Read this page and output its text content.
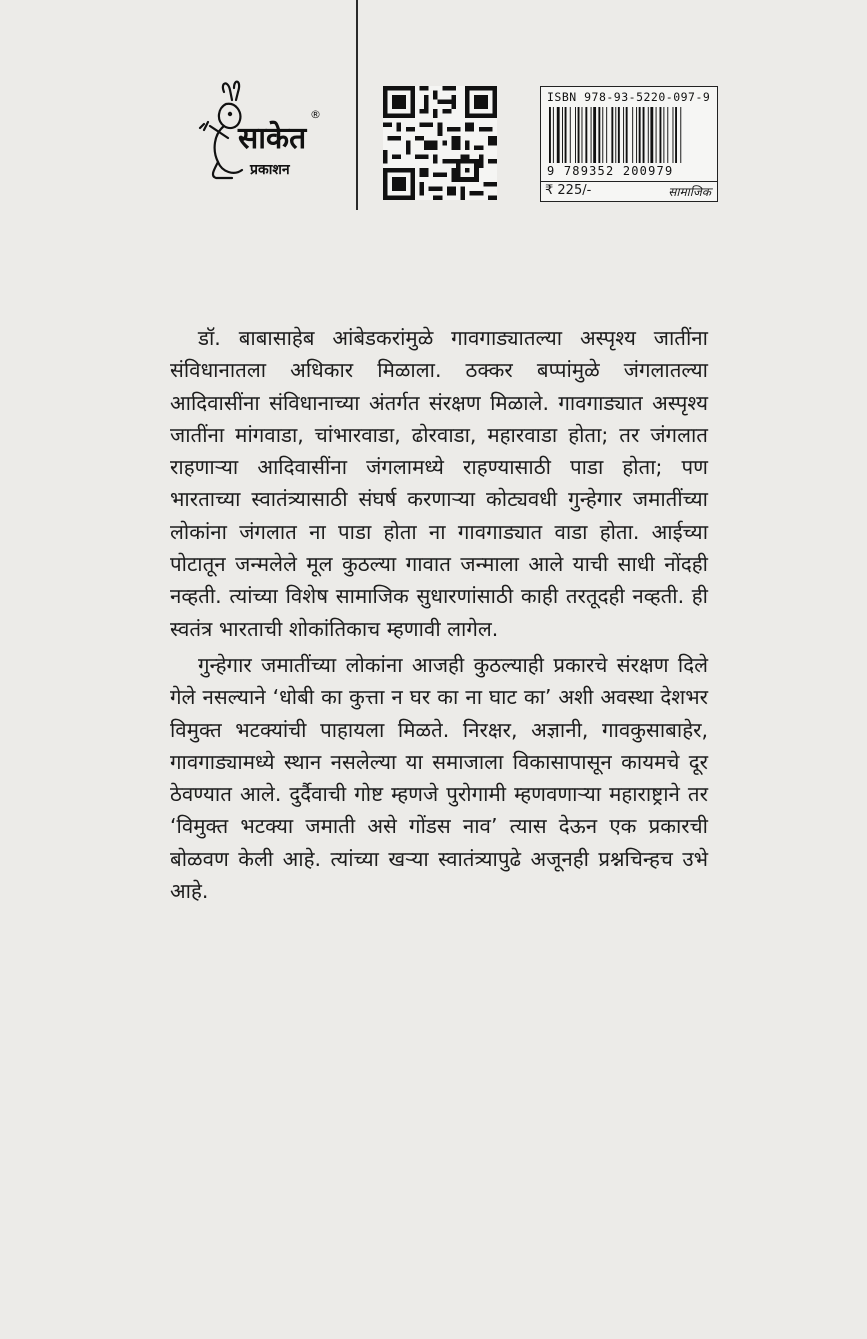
साकेत
®
प्रकाशन
ISBN 978-93-5220-097-9
9 789352 200979
₹ 225/-	सामाजिक

डॉ. बाबासाहेब आंबेडकरांमुळे गावगाड्यातल्या अस्पृश्य जातींना संविधानातला अधिकार मिळाला. ठक्कर बप्पांमुळे जंगलातल्या आदिवासींना संविधानाच्या अंतर्गत संरक्षण मिळाले. गावगाड्यात अस्पृश्य जातींना मांगवाडा, चांभारवाडा, ढोरवाडा, महारवाडा होता; तर जंगलात राहणाऱ्या आदिवासींना जंगलामध्ये राहण्यासाठी पाडा होता; पण भारताच्या स्वातंत्र्यासाठी संघर्ष करणाऱ्या कोट्यवधी गुन्हेगार जमातींच्या लोकांना जंगलात ना पाडा होता ना गावगाड्यात वाडा होता. आईच्या पोटातून जन्मलेले मूल कुठल्या गावात जन्माला आले याची साधी नोंदही नव्हती. त्यांच्या विशेष सामाजिक सुधारणांसाठी काही तरतूदही नव्हती. ही स्वतंत्र भारताची शोकांतिकाच म्हणावी लागेल.

गुन्हेगार जमातींच्या लोकांना आजही कुठल्याही प्रकारचे संरक्षण दिले गेले नसल्याने ‘धोबी का कुत्ता न घर का ना घाट का’ अशी अवस्था देशभर विमुक्त भटक्यांची पाहायला मिळते. निरक्षर, अज्ञानी, गावकुसाबाहेर, गावगाड्यामध्ये स्थान नसलेल्या या समाजाला विकासापासून कायमचे दूर ठेवण्यात आले. दुर्दैवाची गोष्ट म्हणजे पुरोगामी म्हणवणाऱ्या महाराष्ट्राने तर ‘विमुक्त भटक्या जमाती असे गोंडस नाव’ त्यास देऊन एक प्रकारची बोळवण केली आहे. त्यांच्या खऱ्या स्वातंत्र्यापुढे अजूनही प्रश्नचिन्हच उभे आहे.
